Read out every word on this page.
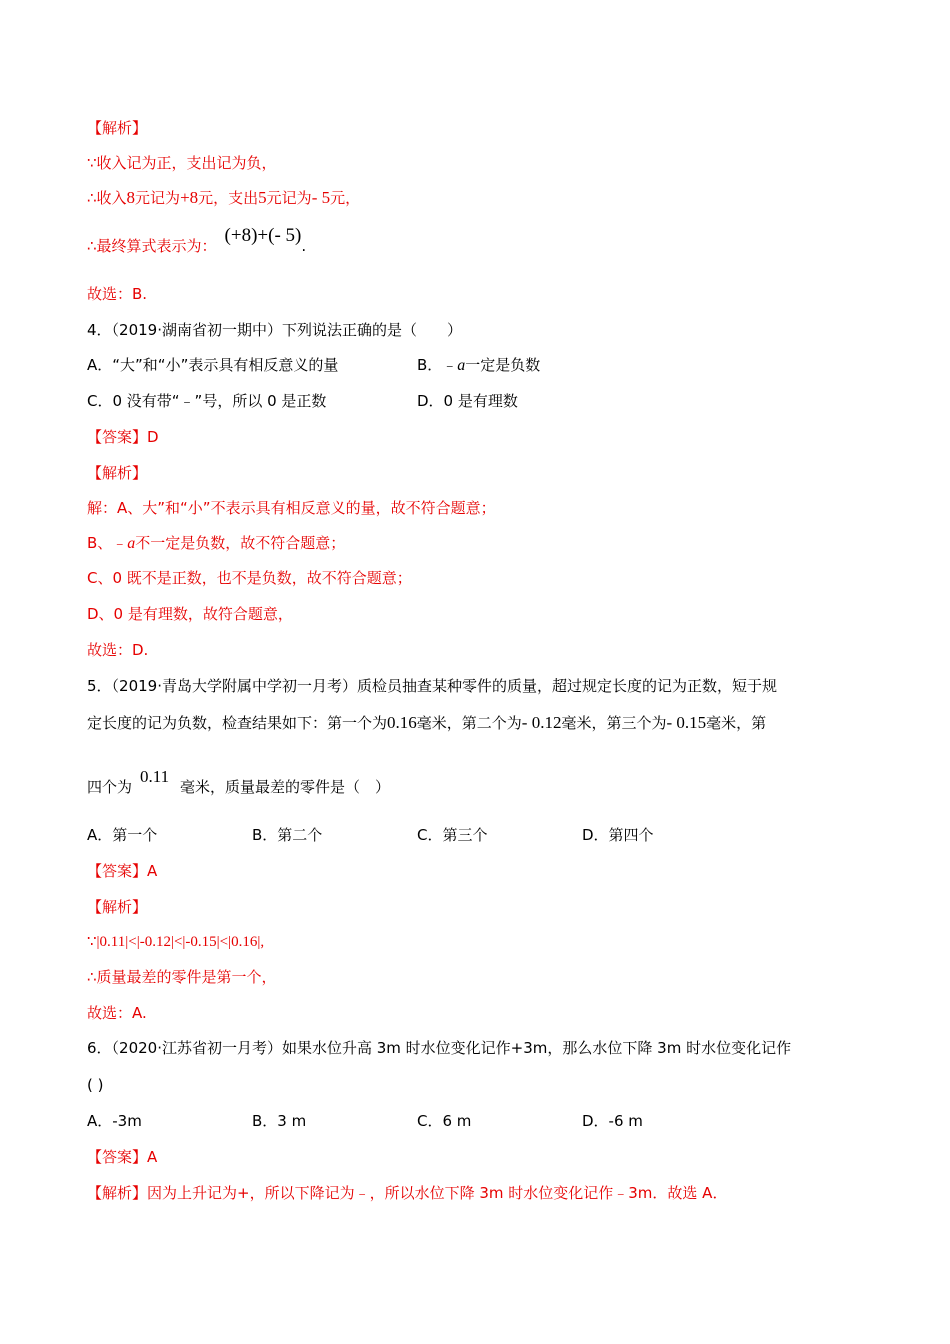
【解析】
∵收入记为正，支出记为负，
∴收入8元记为+8元，支出5元记为- 5元，
∴最终算式表示为： (+8)+(- 5).
故选：B.
4．（2019·湖南省初一期中）下列说法正确的是（　　）
A．“大”和“小”表示具有相反意义的量	B．﹣a一定是负数
C．0 没有带“﹣”号，所以 0 是正数	D．0 是有理数
【答案】D
【解析】
解：A、大”和“小”不表示具有相反意义的量，故不符合题意；
B、﹣a不一定是负数，故不符合题意；
C、0 既不是正数，也不是负数，故不符合题意；
D、0 是有理数，故符合题意，
故选：D.
5．（2019·青岛大学附属中学初一月考）质检员抽查某种零件的质量，超过规定长度的记为正数，短于规
定长度的记为负数，检查结果如下：第一个为0.16毫米，第二个为- 0.12毫米，第三个为- 0.15毫米，第
四个为0.11毫米，质量最差的零件是（　）
A．第一个	B．第二个	C．第三个	D．第四个
【答案】A
【解析】
∵|0.11|<|-0.12|<|-0.15|<|0.16|,
∴质量最差的零件是第一个，
故选：A.
6．（2020·江苏省初一月考）如果水位升高 3m 时水位变化记作+3m，那么水位下降 3m 时水位变化记作
( )
A．-3m	B．3 m	C．6 m	D．-6 m
【答案】A
【解析】因为上升记为+，所以下降记为﹣，所以水位下降 3m 时水位变化记作﹣3m．故选 A．
